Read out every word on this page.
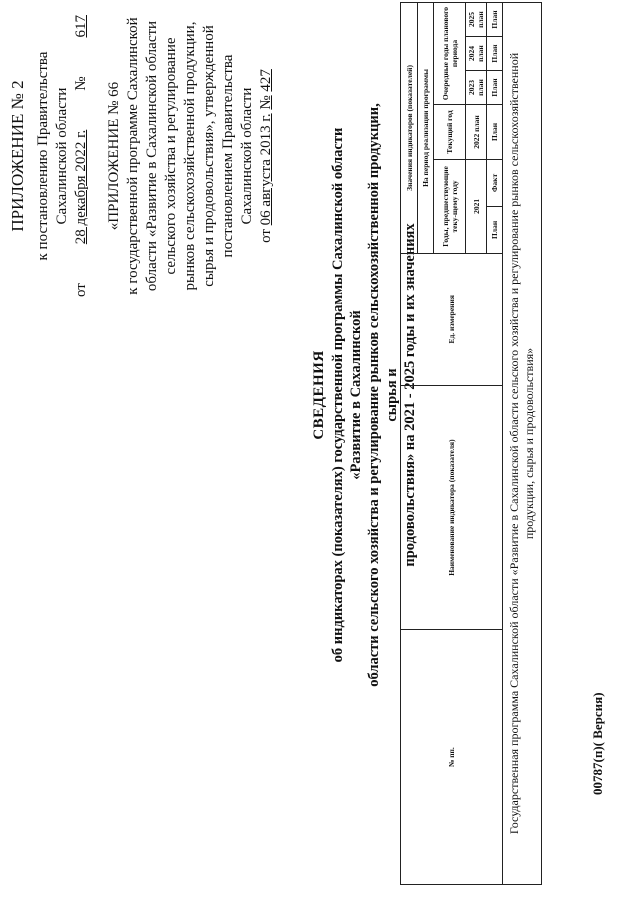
ПРИЛОЖЕНИЕ № 2 к постановлению Правительства Сахалинской области
от
28 декабря 2022 г.
№
617
«ПРИЛОЖЕНИЕ № 66 к государственной программе Сахалинской области «Развитие в Сахалинской области сельского хозяйства и регулирование рынков сельскохозяйственной продукции, сырья и продовольствия», утвержденной постановлением Правительства Сахалинской области
от 06 августа 2013 г. № 427
СВЕДЕНИЯ об индикаторах (показателях) государственной программы Сахалинской области «Развитие в Сахалинской области сельского хозяйства и регулирование рынков сельскохозяйственной продукции, сырья и продовольствия» на 2021 - 2025 годы и их значениях
№ пп.	Наименование индикатора (показателя)	Ед. измерения	Значения индикаторов (показателей)					
			На период реализации программы					
			Годы, предшествующие теку-щему году		Текущий год	Очередные годы планового периода		
			2021		2022 план	2023 план	2024 план	2025 план
			План	Факт	План	План	План	План
Государственная программа Сахалинской области «Развитие в Сахалинской области сельского хозяйства и регулирование рынков сельскохозяйственной продукции, сырья и продовольствия»								
00787(п)( Версия)
